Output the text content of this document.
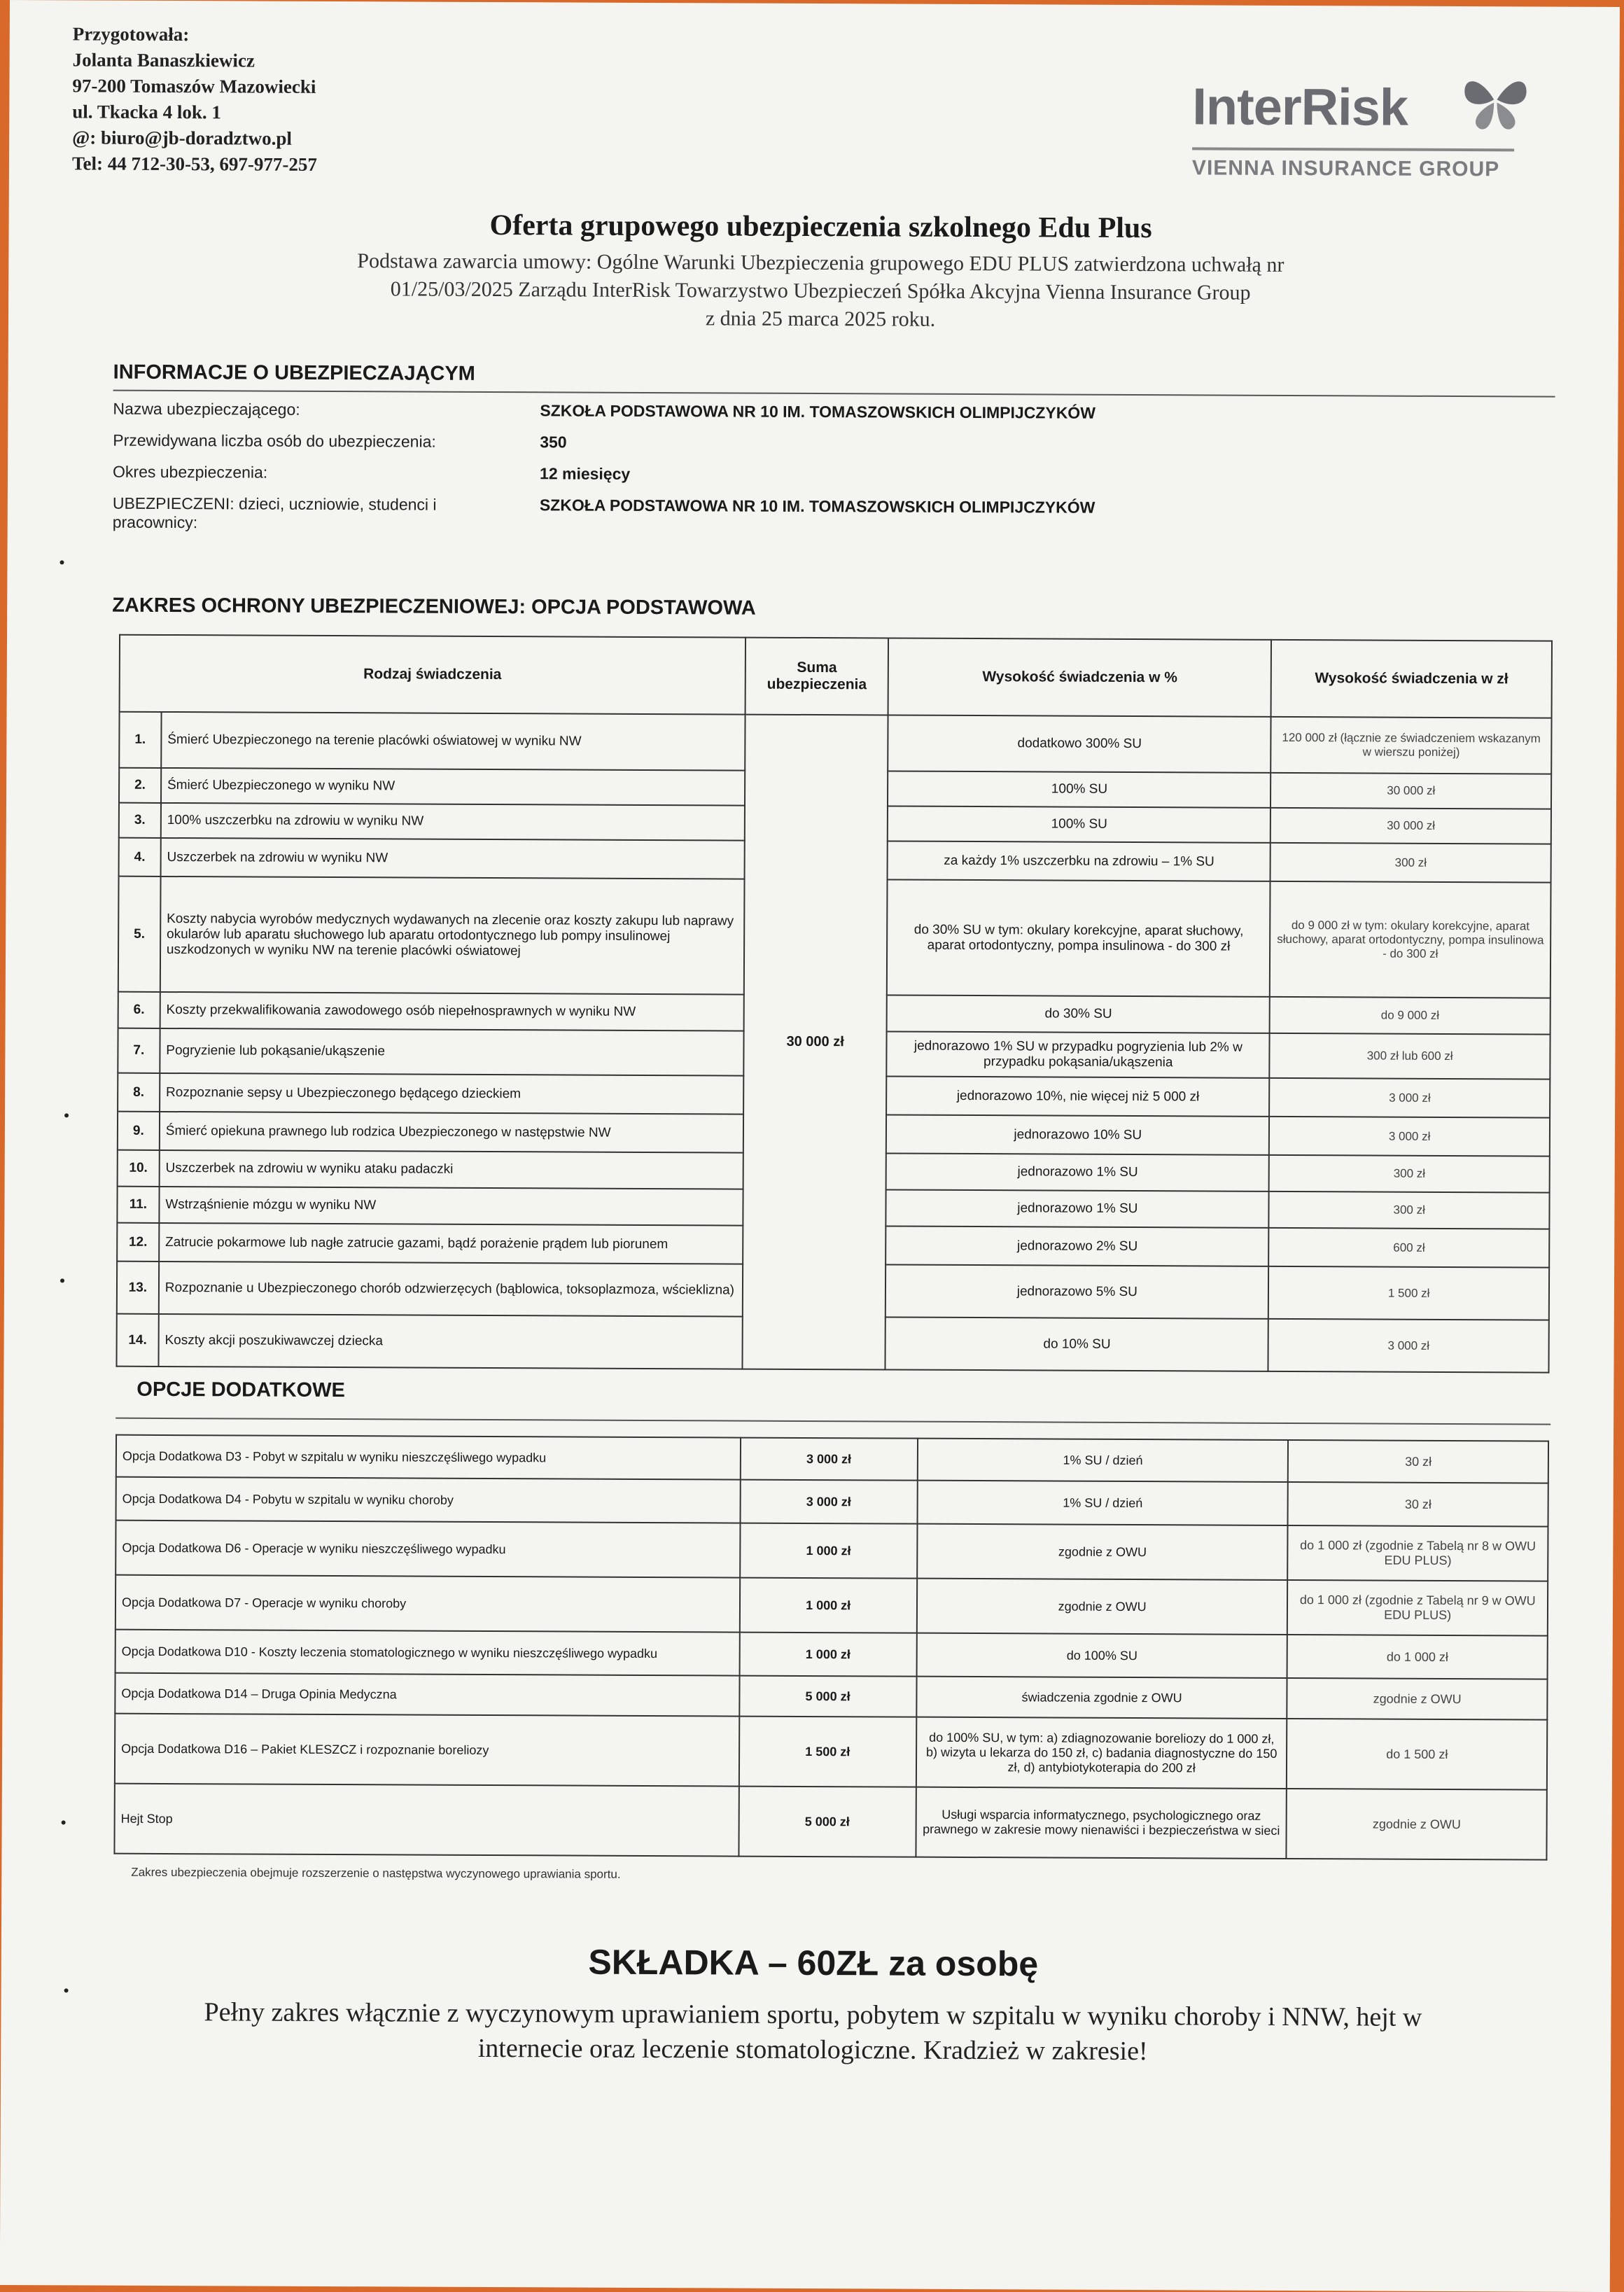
Przygotowała:
Jolanta Banaszkiewicz
97-200 Tomaszów Mazowiecki
ul. Tkacka 4 lok. 1
@: biuro@jb-doradztwo.pl
Tel: 44 712-30-53, 697-977-257
InterRisk
VIENNA INSURANCE GROUP
Oferta grupowego ubezpieczenia szkolnego Edu Plus
Podstawa zawarcia umowy: Ogólne Warunki Ubezpieczenia grupowego EDU PLUS zatwierdzona uchwałą nr
01/25/03/2025 Zarządu InterRisk Towarzystwo Ubezpieczeń Spółka Akcyjna Vienna Insurance Group
z dnia 25 marca 2025 roku.
INFORMACJE O UBEZPIECZAJĄCYM
Nazwa ubezpieczającego:	SZKOŁA PODSTAWOWA NR 10 IM. TOMASZOWSKICH OLIMPIJCZYKÓW
Przewidywana liczba osób do ubezpieczenia:	350
Okres ubezpieczenia:	12 miesięcy
UBEZPIECZENI: dzieci, uczniowie, studenci i pracownicy:
SZKOŁA PODSTAWOWA NR 10 IM. TOMASZOWSKICH OLIMPIJCZYKÓW
ZAKRES OCHRONY UBEZPIECZENIOWEJ: OPCJA PODSTAWOWA
Rodzaj świadczenia		Suma ubezpieczenia	Wysokość świadczenia w %	Wysokość świadczenia w zł
1.	Śmierć Ubezpieczonego na terenie placówki oświatowej w wyniku NW	30 000 zł	dodatkowo 300% SU	120 000 zł (łącznie ze świadczeniem wskazanym w wierszu poniżej)
2.	Śmierć Ubezpieczonego w wyniku NW		100% SU	30 000 zł
3.	100% uszczerbku na zdrowiu w wyniku NW		100% SU	30 000 zł
4.	Uszczerbek na zdrowiu w wyniku NW		za każdy 1% uszczerbku na zdrowiu – 1% SU	300 zł
5.	Koszty nabycia wyrobów medycznych wydawanych na zlecenie oraz koszty zakupu lub naprawy okularów lub aparatu słuchowego lub aparatu ortodontycznego lub pompy insulinowej uszkodzonych w wyniku NW na terenie placówki oświatowej		do 30% SU w tym: okulary korekcyjne, aparat słuchowy, aparat ortodontyczny, pompa insulinowa - do 300 zł	do 9 000 zł w tym: okulary korekcyjne, aparat słuchowy, aparat ortodontyczny, pompa insulinowa - do 300 zł
6.	Koszty przekwalifikowania zawodowego osób niepełnosprawnych w wyniku NW		do 30% SU	do 9 000 zł
7.	Pogryzienie lub pokąsanie/ukąszenie		jednorazowo 1% SU w przypadku pogryzienia lub 2% w przypadku pokąsania/ukąszenia	300 zł lub 600 zł
8.	Rozpoznanie sepsy u Ubezpieczonego będącego dzieckiem		jednorazowo 10%, nie więcej niż 5 000 zł	3 000 zł
9.	Śmierć opiekuna prawnego lub rodzica Ubezpieczonego w następstwie NW		jednorazowo 10% SU	3 000 zł
10.	Uszczerbek na zdrowiu w wyniku ataku padaczki		jednorazowo 1% SU	300 zł
11.	Wstrząśnienie mózgu w wyniku NW		jednorazowo 1% SU	300 zł
12.	Zatrucie pokarmowe lub nagłe zatrucie gazami, bądź porażenie prądem lub piorunem		jednorazowo 2% SU	600 zł
13.	Rozpoznanie u Ubezpieczonego chorób odzwierzęcych (bąblowica, toksoplazmoza, wścieklizna)		jednorazowo 5% SU	1 500 zł
14.	Koszty akcji poszukiwawczej dziecka		do 10% SU	3 000 zł
OPCJE DODATKOWE
Opcja Dodatkowa D3 - Pobyt w szpitalu w wyniku nieszczęśliwego wypadku	3 000 zł	1% SU / dzień	30 zł
Opcja Dodatkowa D4 - Pobytu w szpitalu w wyniku choroby	3 000 zł	1% SU / dzień	30 zł
Opcja Dodatkowa D6 - Operacje w wyniku nieszczęśliwego wypadku	1 000 zł	zgodnie z OWU	do 1 000 zł (zgodnie z Tabelą nr 8 w OWU EDU PLUS)
Opcja Dodatkowa D7 - Operacje w wyniku choroby	1 000 zł	zgodnie z OWU	do 1 000 zł (zgodnie z Tabelą nr 9 w OWU EDU PLUS)
Opcja Dodatkowa D10 - Koszty leczenia stomatologicznego w wyniku nieszczęśliwego wypadku	1 000 zł	do 100% SU	do 1 000 zł
Opcja Dodatkowa D14 – Druga Opinia Medyczna	5 000 zł	świadczenia zgodnie z OWU	zgodnie z OWU
Opcja Dodatkowa D16 – Pakiet KLESZCZ i rozpoznanie boreliozy	1 500 zł	do 100% SU, w tym: a) zdiagnozowanie boreliozy do 1 000 zł, b) wizyta u lekarza do 150 zł, c) badania diagnostyczne do 150 zł, d) antybiotykoterapia do 200 zł	do 1 500 zł
Hejt Stop	5 000 zł	Usługi wsparcia informatycznego, psychologicznego oraz prawnego w zakresie mowy nienawiści i bezpieczeństwa w sieci	zgodnie z OWU
Zakres ubezpieczenia obejmuje rozszerzenie o następstwa wyczynowego uprawiania sportu.
SKŁADKA – 60ZŁ za osobę
Pełny zakres włącznie z wyczynowym uprawianiem sportu, pobytem w szpitalu w wyniku choroby i NNW, hejt w internecie oraz leczenie stomatologiczne. Kradzież w zakresie!
